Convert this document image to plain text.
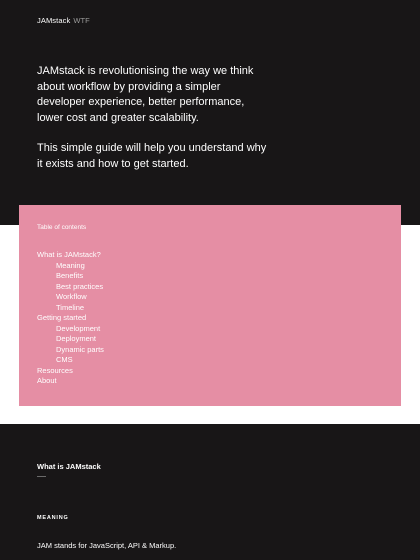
JAMstack WTF

JAMstack is revolutionising the way we think about workflow by providing a simpler developer experience, better performance, lower cost and greater scalability.

This simple guide will help you understand why it exists and how to get started.

Table of contents
What is JAMstack?
Meaning
Benefits
Best practices
Workflow
Timeline
Getting started
Development
Deployment
Dynamic parts
CMS
Resources
About
What is JAMstack
MEANING

JAM stands for JavaScript, API & Markup.
